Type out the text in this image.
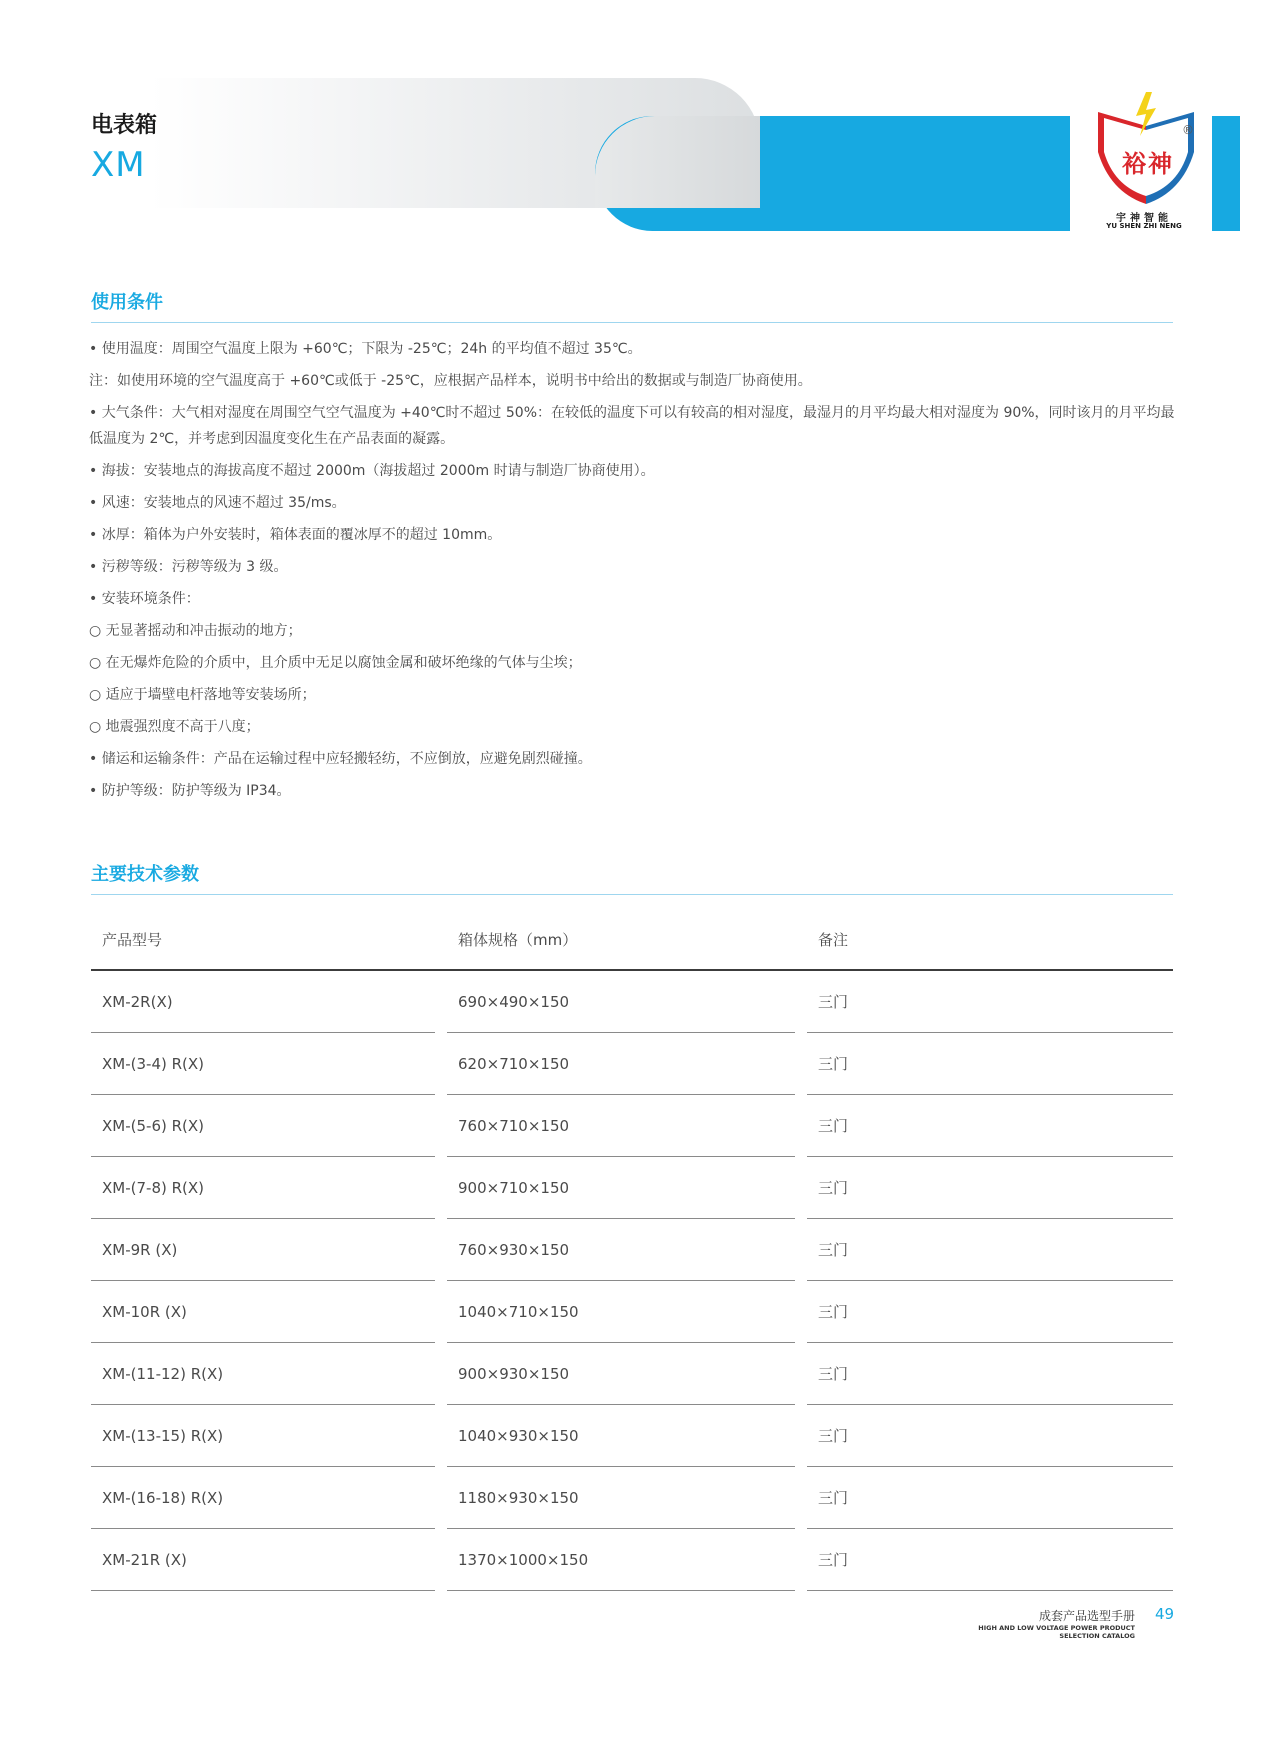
电表箱
XM	裕 神
®
宇神智能
YU SHEN ZHI NENG
使用条件
• 使用温度：周围空气温度上限为 +60℃；下限为 -25℃；24h 的平均值不超过 35℃。
注：如使用环境的空气温度高于 +60℃或低于 -25℃，应根据产品样本，说明书中给出的数据或与制造厂协商使用。
• 大气条件：大气相对湿度在周围空气空气温度为 +40℃时不超过 50%：在较低的温度下可以有较高的相对湿度，最湿月的月平均最大相对湿度为 90%，同时该月的月平均最低温度为 2℃，并考虑到因温度变化生在产品表面的凝露。
• 海拔：安装地点的海拔高度不超过 2000m（海拔超过 2000m 时请与制造厂协商使用）。
• 风速：安装地点的风速不超过 35/ms。
• 冰厚：箱体为户外安装时，箱体表面的覆冰厚不的超过 10mm。
• 污秽等级：污秽等级为 3 级。
• 安装环境条件：
○ 无显著摇动和冲击振动的地方；
○ 在无爆炸危险的介质中，且介质中无足以腐蚀金属和破坏绝缘的气体与尘埃；
○ 适应于墙壁电杆落地等安装场所；
○ 地震强烈度不高于八度；
• 储运和运输条件：产品在运输过程中应轻搬轻纺，不应倒放，应避免剧烈碰撞。
• 防护等级：防护等级为 IP34。
主要技术参数
产品型号	箱体规格（mm）	备注
XM-2R(X)	690×490×150	三门
XM-(3-4) R(X)	620×710×150	三门
XM-(5-6) R(X)	760×710×150	三门
XM-(7-8) R(X)	900×710×150	三门
XM-9R (X)	760×930×150	三门
XM-10R (X)	1040×710×150	三门
XM-(11-12) R(X)	900×930×150	三门
XM-(13-15) R(X)	1040×930×150	三门
XM-(16-18) R(X)	1180×930×150	三门
XM-21R (X)	1370×1000×150	三门
成套产品选型手册
HIGH AND LOW VOLTAGE POWER PRODUCT
SELECTION CATALOG
49
